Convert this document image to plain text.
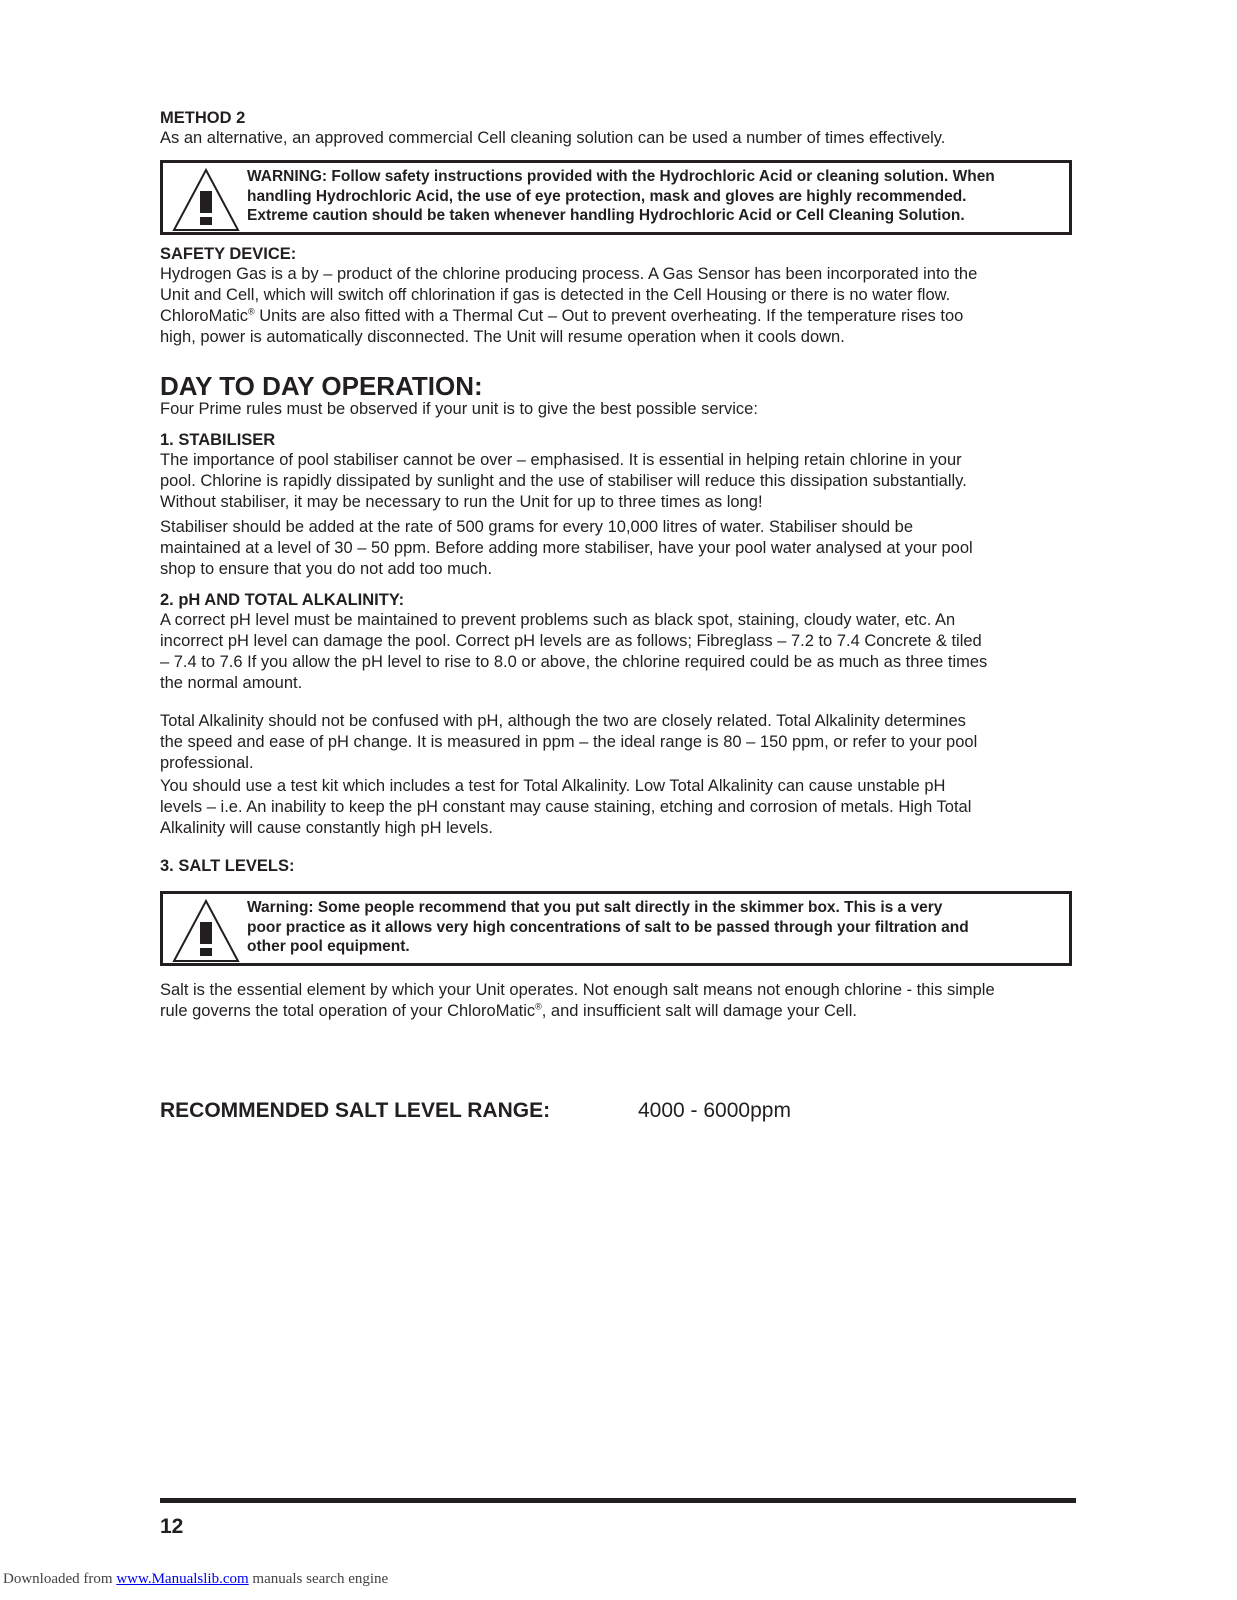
METHOD 2

As an alternative, an approved commercial Cell cleaning solution can be used a number of times effectively.

WARNING: Follow safety instructions provided with the Hydrochloric Acid or cleaning solution. When
handling Hydrochloric Acid, the use of eye protection, mask and gloves are highly recommended.
Extreme caution should be taken whenever handling Hydrochloric Acid or Cell Cleaning Solution.

SAFETY DEVICE:

Hydrogen Gas is a by – product of the chlorine producing process. A Gas Sensor has been incorporated into the
Unit and Cell, which will switch off chlorination if gas is detected in the Cell Housing or there is no water flow.
ChloroMatic® Units are also fitted with a Thermal Cut – Out to prevent overheating. If the temperature rises too
high, power is automatically disconnected. The Unit will resume operation when it cools down.

DAY TO DAY OPERATION:

Four Prime rules must be observed if your unit is to give the best possible service:

1. STABILISER

The importance of pool stabiliser cannot be over – emphasised. It is essential in helping retain chlorine in your
pool. Chlorine is rapidly dissipated by sunlight and the use of stabiliser will reduce this dissipation substantially.
Without stabiliser, it may be necessary to run the Unit for up to three times as long!
Stabiliser should be added at the rate of 500 grams for every 10,000 litres of water. Stabiliser should be
maintained at a level of 30 – 50 ppm. Before adding more stabiliser, have your pool water analysed at your pool
shop to ensure that you do not add too much.

2. pH AND TOTAL ALKALINITY:

A correct pH level must be maintained to prevent problems such as black spot, staining, cloudy water, etc. An
incorrect pH level can damage the pool. Correct pH levels are as follows; Fibreglass – 7.2 to 7.4 Concrete & tiled
– 7.4 to 7.6 If you allow the pH level to rise to 8.0 or above, the chlorine required could be as much as three times
the normal amount.
Total Alkalinity should not be confused with pH, although the two are closely related. Total Alkalinity determines
the speed and ease of pH change. It is measured in ppm – the ideal range is 80 – 150 ppm, or refer to your pool
professional.
You should use a test kit which includes a test for Total Alkalinity. Low Total Alkalinity can cause unstable pH
levels – i.e. An inability to keep the pH constant may cause staining, etching and corrosion of metals. High Total
Alkalinity will cause constantly high pH levels.

3. SALT LEVELS:

Warning: Some people recommend that you put salt directly in the skimmer box. This is a very
poor practice as it allows very high concentrations of salt to be passed through your filtration and
other pool equipment.
Salt is the essential element by which your Unit operates. Not enough salt means not enough chlorine - this simple
rule governs the total operation of your ChloroMatic®, and insufficient salt will damage your Cell.
RECOMMENDED SALT LEVEL RANGE:	4000 - 6000ppm
12
Downloaded from www.Manualslib.com manuals search engine
